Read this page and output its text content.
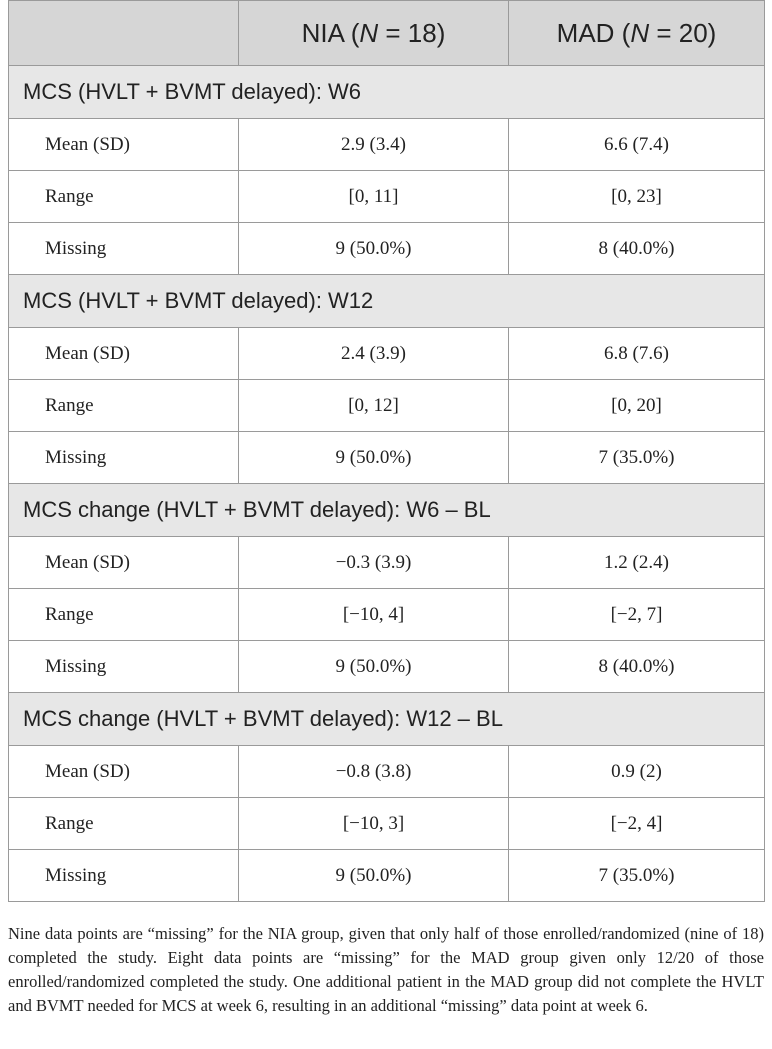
	NIA (N = 18)	MAD (N = 20)
MCS (HVLT + BVMT delayed): W6		
Mean (SD)	2.9 (3.4)	6.6 (7.4)
Range	[0, 11]	[0, 23]
Missing	9 (50.0%)	8 (40.0%)
MCS (HVLT + BVMT delayed): W12		
Mean (SD)	2.4 (3.9)	6.8 (7.6)
Range	[0, 12]	[0, 20]
Missing	9 (50.0%)	7 (35.0%)
MCS change (HVLT + BVMT delayed): W6 – BL		
Mean (SD)	−0.3 (3.9)	1.2 (2.4)
Range	[−10, 4]	[−2, 7]
Missing	9 (50.0%)	8 (40.0%)
MCS change (HVLT + BVMT delayed): W12 – BL		
Mean (SD)	−0.8 (3.8)	0.9 (2)
Range	[−10, 3]	[−2, 4]
Missing	9 (50.0%)	7 (35.0%)

Nine data points are “missing” for the NIA group, given that only half of those enrolled/randomized (nine of 18) completed the study. Eight data points are “missing” for the MAD group given only 12/20 of those enrolled/randomized completed the study. One additional patient in the MAD group did not complete the HVLT and BVMT needed for MCS at week 6, resulting in an additional “missing” data point at week 6.
